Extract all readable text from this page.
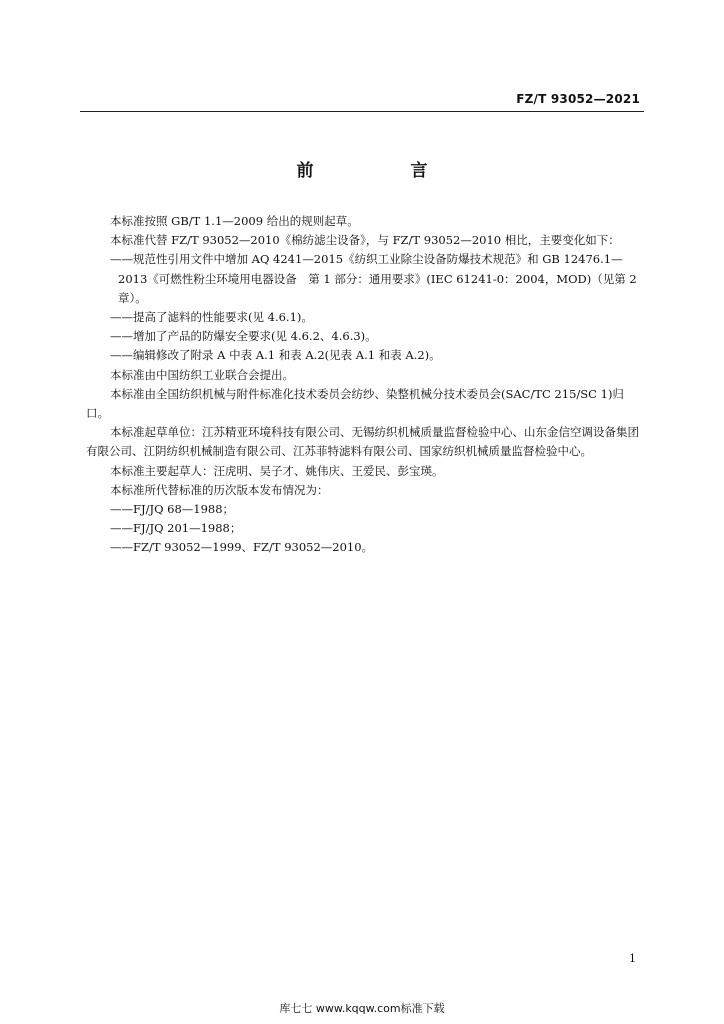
FZ/T 93052—2021
前　言

本标准按照 GB/T 1.1—2009 给出的规则起草。

本标准代替 FZ/T 93052—2010《棉纺滤尘设备》，与 FZ/T 93052—2010 相比，主要变化如下：

——规范性引用文件中增加 AQ 4241—2015《纺织工业除尘设备防爆技术规范》和 GB 12476.1—

2013《可燃性粉尘环境用电器设备　第 1 部分：通用要求》(IEC 61241-0：2004，MOD)（见第 2

章）。

——提高了滤料的性能要求(见 4.6.1)。

——增加了产品的防爆安全要求(见 4.6.2、4.6.3)。

——编辑修改了附录 A 中表 A.1 和表 A.2(见表 A.1 和表 A.2)。

本标准由中国纺织工业联合会提出。

本标准由全国纺织机械与附件标准化技术委员会纺纱、染整机械分技术委员会(SAC/TC 215/SC 1)归口。

本标准起草单位：江苏精亚环境科技有限公司、无锡纺织机械质量监督检验中心、山东金信空调设备集团有限公司、江阴纺织机械制造有限公司、江苏菲特滤料有限公司、国家纺织机械质量监督检验中心。

本标准主要起草人：汪虎明、吴子才、姚伟庆、王爱民、彭宝瑛。

本标准所代替标准的历次版本发布情况为：

——FJ/JQ 68—1988；

——FJ/JQ 201—1988；

——FZ/T 93052—1999、FZ/T 93052—2010。

1
库七七 www.kqqw.com标准下载
